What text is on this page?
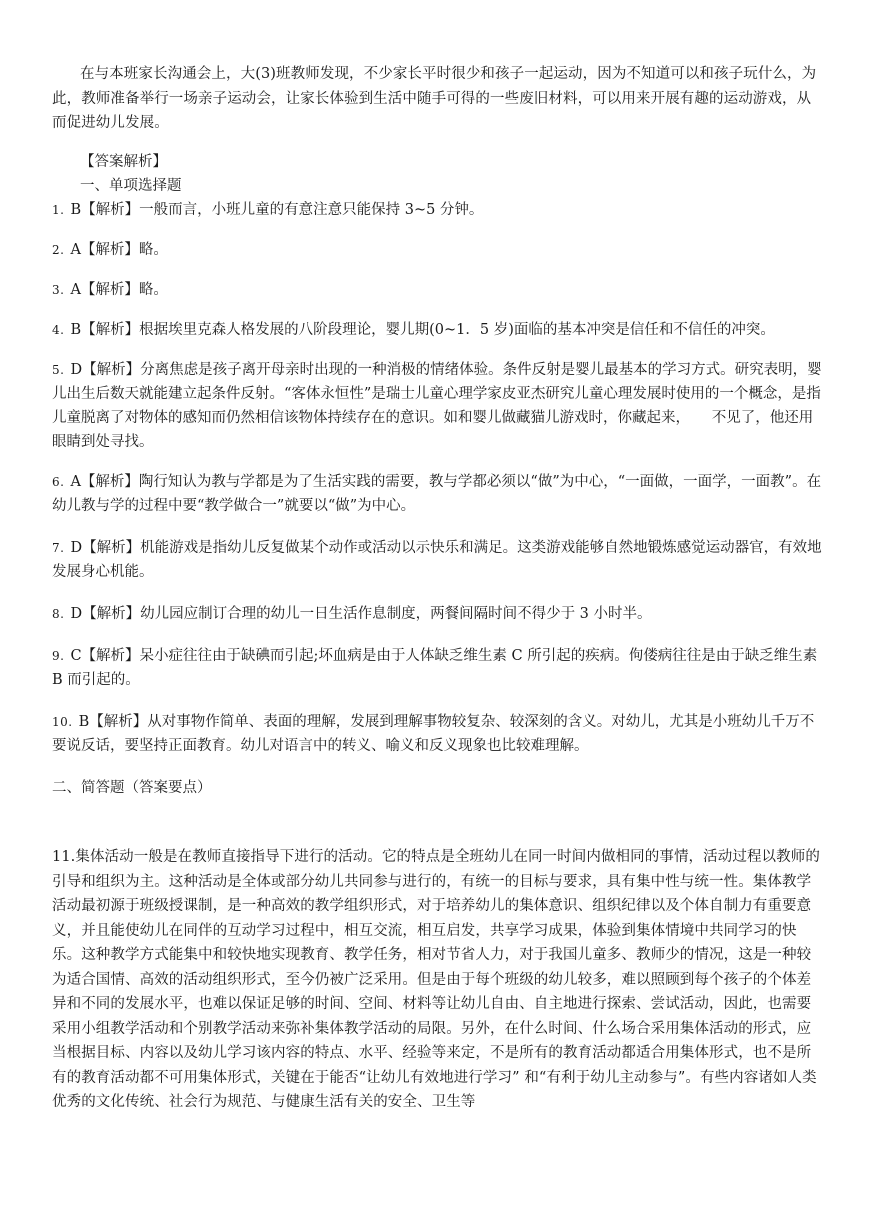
在与本班家长沟通会上，大(3)班教师发现，不少家长平时很少和孩子一起运动，因为不知道可以和孩子玩什么，为此，教师准备举行一场亲子运动会，让家长体验到生活中随手可得的一些废旧材料，可以用来开展有趣的运动游戏，从而促进幼儿发展。

【答案解析】

一、单项选择题

1. B【解析】一般而言，小班儿童的有意注意只能保持 3~5 分钟。

2. A【解析】略。

3. A【解析】略。

4. B【解析】根据埃里克森人格发展的八阶段理论，婴儿期(0~1．5 岁)面临的基本冲突是信任和不信任的冲突。

5. D【解析】分离焦虑是孩子离开母亲时出现的一种消极的情绪体验。条件反射是婴儿最基本的学习方式。研究表明，婴儿出生后数天就能建立起条件反射。“客体永恒性”是瑞士儿童心理学家皮亚杰研究儿童心理发展时使用的一个概念，是指儿童脱离了对物体的感知而仍然相信该物体持续存在的意识。如和婴儿做藏猫儿游戏时，你藏起来，　　不见了，他还用眼睛到处寻找。

6. A【解析】陶行知认为教与学都是为了生活实践的需要，教与学都必须以“做”为中心，“一面做，一面学，一面教”。在幼儿教与学的过程中要“教学做合一”就要以“做”为中心。

7. D【解析】机能游戏是指幼儿反复做某个动作或活动以示快乐和满足。这类游戏能够自然地锻炼感觉运动器官，有效地发展身心机能。

8. D【解析】幼儿园应制订合理的幼儿一日生活作息制度，两餐间隔时间不得少于 3 小时半。

9. C【解析】呆小症往往由于缺碘而引起;坏血病是由于人体缺乏维生素 C 所引起的疾病。佝偻病往往是由于缺乏维生素 B 而引起的。

10. B【解析】从对事物作简单、表面的理解，发展到理解事物较复杂、较深刻的含义。对幼儿，尤其是小班幼儿千万不要说反话，要坚持正面教育。幼儿对语言中的转义、喻义和反义现象也比较难理解。

二、简答题（答案要点）

11.集体活动一般是在教师直接指导下进行的活动。它的特点是全班幼儿在同一时间内做相同的事情，活动过程以教师的引导和组织为主。这种活动是全体或部分幼儿共同参与进行的，有统一的目标与要求，具有集中性与统一性。集体教学活动最初源于班级授课制，是一种高效的教学组织形式，对于培养幼儿的集体意识、组织纪律以及个体自制力有重要意义，并且能使幼儿在同伴的互动学习过程中，相互交流，相互启发，共享学习成果，体验到集体情境中共同学习的快乐。这种教学方式能集中和较快地实现教育、教学任务，相对节省人力，对于我国儿童多、教师少的情况，这是一种较为适合国情、高效的活动组织形式，至今仍被广泛采用。但是由于每个班级的幼儿较多，难以照顾到每个孩子的个体差异和不同的发展水平，也难以保证足够的时间、空间、材料等让幼儿自由、自主地进行探索、尝试活动，因此，也需要采用小组教学活动和个别教学活动来弥补集体教学活动的局限。另外，在什么时间、什么场合采用集体活动的形式，应当根据目标、内容以及幼儿学习该内容的特点、水平、经验等来定，不是所有的教育活动都适合用集体形式，也不是所有的教育活动都不可用集体形式，关键在于能否“让幼儿有效地进行学习” 和“有利于幼儿主动参与”。有些内容诸如人类优秀的文化传统、社会行为规范、与健康生活有关的安全、卫生等
